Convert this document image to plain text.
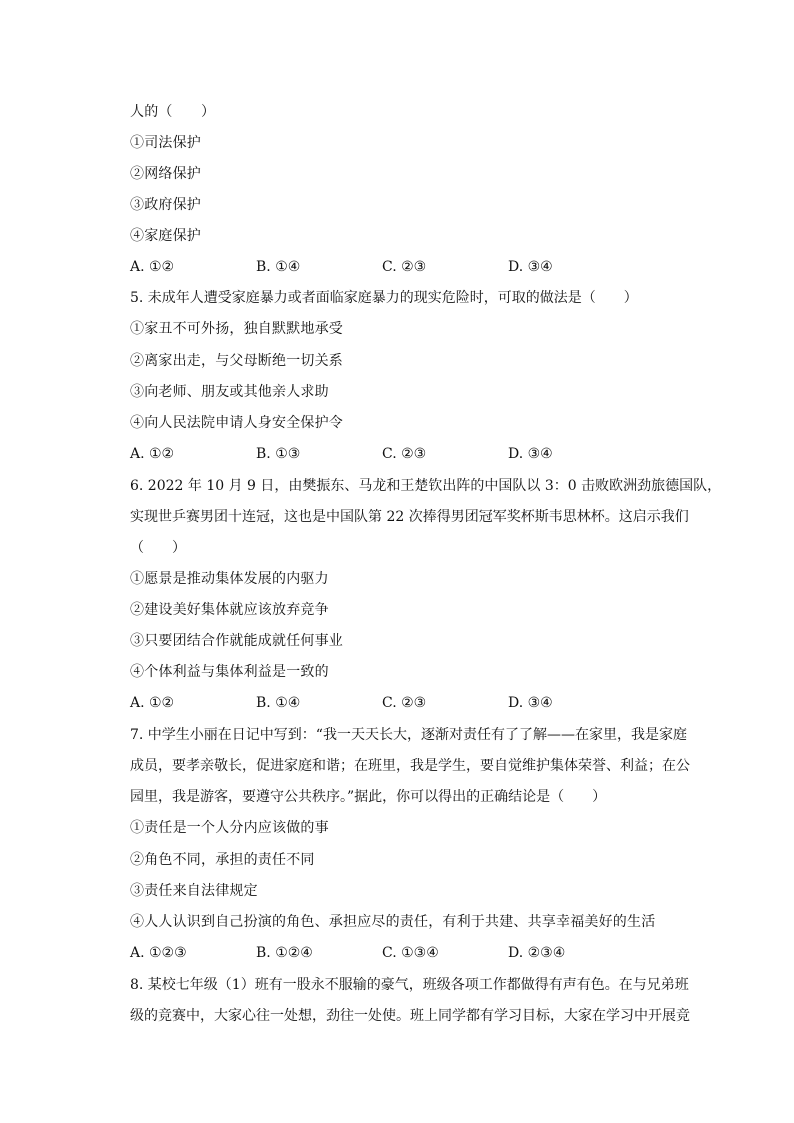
人的（　　）
①司法保护
②网络保护
③政府保护
④家庭保护
A. ①②	B. ①④	C. ②③	D. ③④
5. 未成年人遭受家庭暴力或者面临家庭暴力的现实危险时，可取的做法是（　　）
①家丑不可外扬，独自默默地承受
②离家出走，与父母断绝一切关系
③向老师、朋友或其他亲人求助
④向人民法院申请人身安全保护令
A. ①②	B. ①③	C. ②③	D. ③④
6. 2022 年 10 月 9 日，由樊振东、马龙和王楚钦出阵的中国队以 3：0 击败欧洲劲旅德国队，
实现世乒赛男团十连冠，这也是中国队第 22 次捧得男团冠军奖杯斯韦思林杯。这启示我们
（　　）
①愿景是推动集体发展的内驱力
②建设美好集体就应该放弃竞争
③只要团结合作就能成就任何事业
④个体利益与集体利益是一致的
A. ①②	B. ①④	C. ②③	D. ③④
7. 中学生小丽在日记中写到：“我一天天长大，逐渐对责任有了了解——在家里，我是家庭
成员，要孝亲敬长，促进家庭和谐；在班里，我是学生，要自觉维护集体荣誉、利益；在公
园里，我是游客，要遵守公共秩序。”据此，你可以得出的正确结论是（　　）
①责任是一个人分内应该做的事
②角色不同，承担的责任不同
③责任来自法律规定
④人人认识到自己扮演的角色、承担应尽的责任，有利于共建、共享幸福美好的生活
A. ①②③	B. ①②④	C. ①③④	D. ②③④
8. 某校七年级（1）班有一股永不服输的豪气，班级各项工作都做得有声有色。在与兄弟班
级的竞赛中，大家心往一处想，劲往一处使。班上同学都有学习目标，大家在学习中开展竞
